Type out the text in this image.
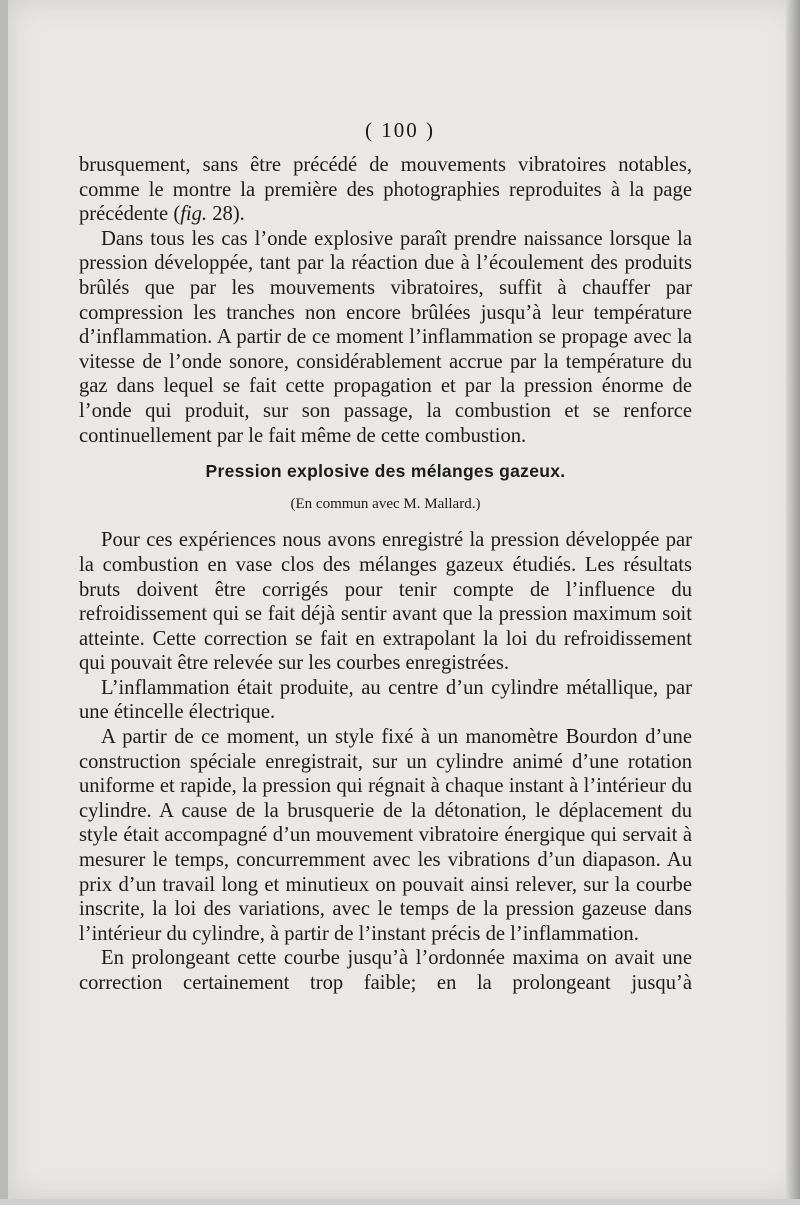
( 100 )

brusquement, sans être précédé de mouvements vibratoires notables, comme le montre la première des photographies reproduites à la page précédente (fig. 28).

Dans tous les cas l’onde explosive paraît prendre naissance lorsque la pression développée, tant par la réaction due à l’écoulement des produits brûlés que par les mouvements vibratoires, suffit à chauffer par compression les tranches non encore brûlées jusqu’à leur température d’inflammation. A partir de ce moment l’inflammation se propage avec la vitesse de l’onde sonore, considérablement accrue par la température du gaz dans lequel se fait cette propagation et par la pression énorme de l’onde qui produit, sur son passage, la combustion et se renforce continuellement par le fait même de cette combustion.

Pression explosive des mélanges gazeux.
(En commun avec M. Mallard.)

Pour ces expériences nous avons enregistré la pression développée par la combustion en vase clos des mélanges gazeux étudiés. Les résultats bruts doivent être corrigés pour tenir compte de l’influence du refroidissement qui se fait déjà sentir avant que la pression maximum soit atteinte. Cette correction se fait en extrapolant la loi du refroidissement qui pouvait être relevée sur les courbes enregistrées.

L’inflammation était produite, au centre d’un cylindre métallique, par une étincelle électrique.

A partir de ce moment, un style fixé à un manomètre Bourdon d’une construction spéciale enregistrait, sur un cylindre animé d’une rotation uniforme et rapide, la pression qui régnait à chaque instant à l’intérieur du cylindre. A cause de la brusquerie de la détonation, le déplacement du style était accompagné d’un mouvement vibratoire énergique qui servait à mesurer le temps, concurremment avec les vibrations d’un diapason. Au prix d’un travail long et minutieux on pouvait ainsi relever, sur la courbe inscrite, la loi des variations, avec le temps de la pression gazeuse dans l’intérieur du cylindre, à partir de l’instant précis de l’inflammation.

En prolongeant cette courbe jusqu’à l’ordonnée maxima on avait une correction certainement trop faible; en la prolongeant jusqu’à
